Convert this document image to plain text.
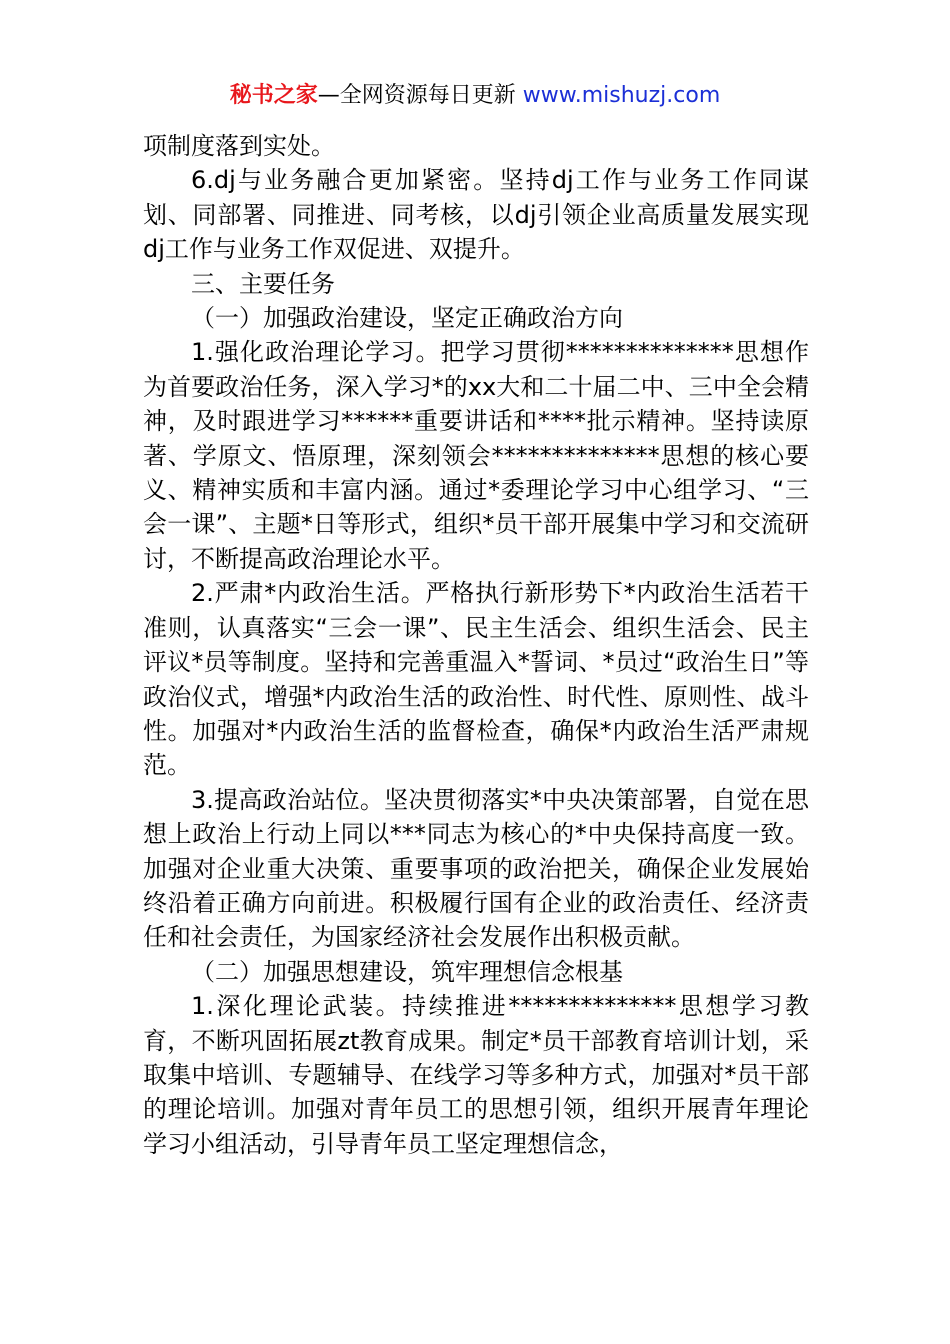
秘书之家—全网资源每日更新 www.mishuzj.com

项制度落到实处。

6.dj与业务融合更加紧密。坚持dj工作与业务工作同谋划、同部署、同推进、同考核，以dj引领企业高质量发展实现dj工作与业务工作双促进、双提升。

三、主要任务

（一）加强政治建设，坚定正确政治方向

1.强化政治理论学习。把学习贯彻**************思想作为首要政治任务，深入学习*的xx大和二十届二中、三中全会精神，及时跟进学习******重要讲话和****批示精神。坚持读原著、学原文、悟原理，深刻领会**************思想的核心要义、精神实质和丰富内涵。通过*委理论学习中心组学习、“三会一课”、主题*日等形式，组织*员干部开展集中学习和交流研讨，不断提高政治理论水平。

2.严肃*内政治生活。严格执行新形势下*内政治生活若干准则，认真落实“三会一课”、民主生活会、组织生活会、民主评议*员等制度。坚持和完善重温入*誓词、*员过“政治生日”等政治仪式，增强*内政治生活的政治性、时代性、原则性、战斗性。加强对*内政治生活的监督检查，确保*内政治生活严肃规范。

3.提高政治站位。坚决贯彻落实*中央决策部署，自觉在思想上政治上行动上同以***同志为核心的*中央保持高度一致。加强对企业重大决策、重要事项的政治把关，确保企业发展始终沿着正确方向前进。积极履行国有企业的政治责任、经济责任和社会责任，为国家经济社会发展作出积极贡献。

（二）加强思想建设，筑牢理想信念根基

1.深化理论武装。持续推进**************思想学习教育，不断巩固拓展zt教育成果。制定*员干部教育培训计划，采取集中培训、专题辅导、在线学习等多种方式，加强对*员干部的理论培训。加强对青年员工的思想引领，组织开展青年理论学习小组活动，引导青年员工坚定理想信念，
